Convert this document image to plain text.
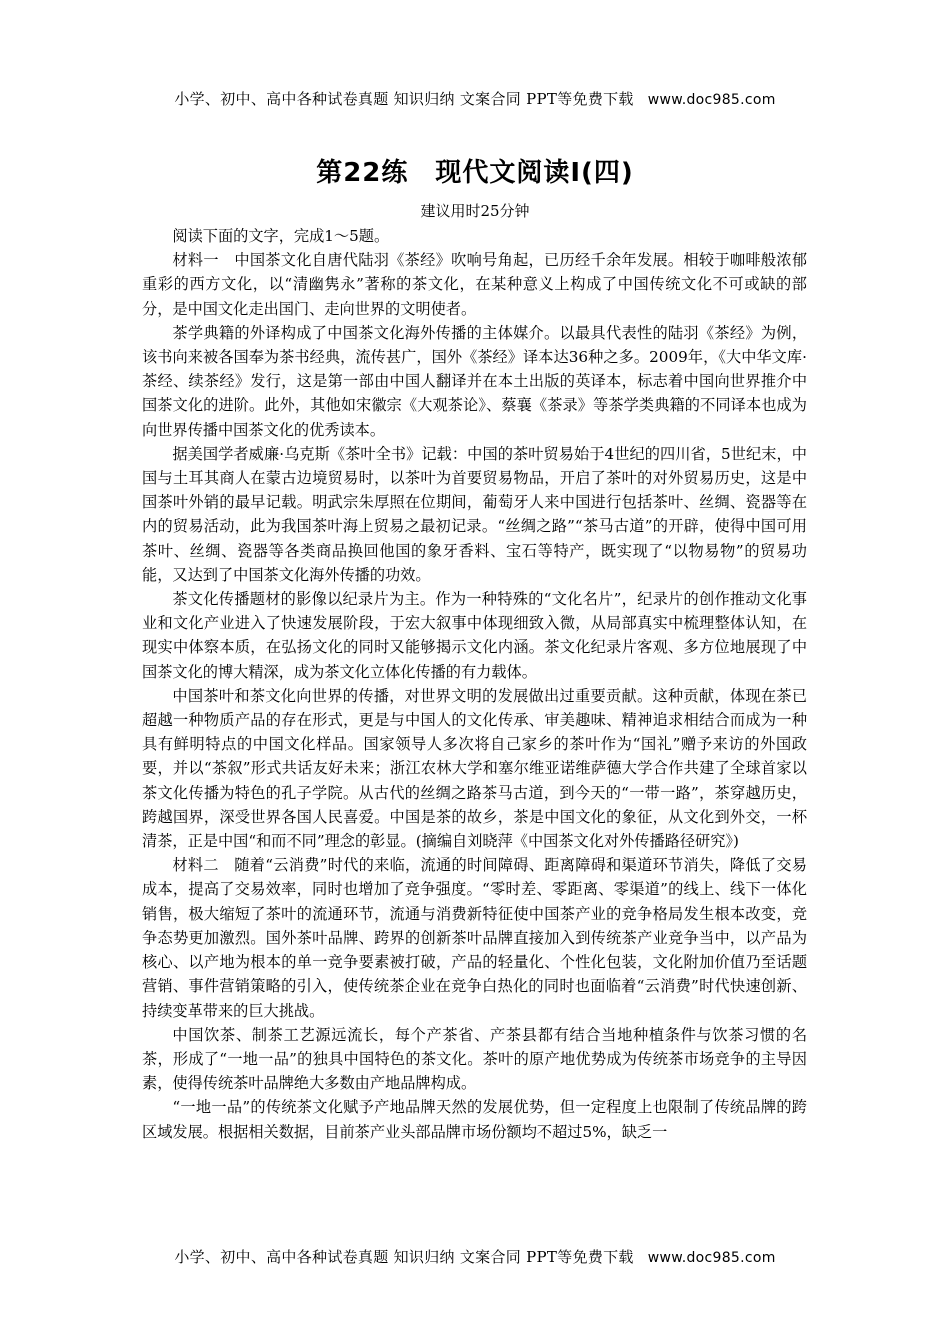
小学、初中、高中各种试卷真题 知识归纳 文案合同 PPT等免费下载 www.doc985.com
第22练　现代文阅读Ⅰ(四)
建议用时25分钟

阅读下面的文字，完成1～5题。

材料一　中国茶文化自唐代陆羽《茶经》吹响号角起，已历经千余年发展。相较于咖啡般浓郁重彩的西方文化，以“清幽隽永”著称的茶文化，在某种意义上构成了中国传统文化不可或缺的部分，是中国文化走出国门、走向世界的文明使者。

茶学典籍的外译构成了中国茶文化海外传播的主体媒介。以最具代表性的陆羽《茶经》为例，该书向来被各国奉为茶书经典，流传甚广，国外《茶经》译本达36种之多。2009年，《大中华文库·茶经、续茶经》发行，这是第一部由中国人翻译并在本土出版的英译本，标志着中国向世界推介中国茶文化的进阶。此外，其他如宋徽宗《大观茶论》、蔡襄《茶录》等茶学类典籍的不同译本也成为向世界传播中国茶文化的优秀读本。

据美国学者威廉·乌克斯《茶叶全书》记载：中国的茶叶贸易始于4世纪的四川省，5世纪末，中国与土耳其商人在蒙古边境贸易时，以茶叶为首要贸易物品，开启了茶叶的对外贸易历史，这是中国茶叶外销的最早记载。明武宗朱厚照在位期间，葡萄牙人来中国进行包括茶叶、丝绸、瓷器等在内的贸易活动，此为我国茶叶海上贸易之最初记录。“丝绸之路”“茶马古道”的开辟，使得中国可用茶叶、丝绸、瓷器等各类商品换回他国的象牙香料、宝石等特产，既实现了“以物易物”的贸易功能，又达到了中国茶文化海外传播的功效。

茶文化传播题材的影像以纪录片为主。作为一种特殊的“文化名片”，纪录片的创作推动文化事业和文化产业进入了快速发展阶段，于宏大叙事中体现细致入微，从局部真实中梳理整体认知，在现实中体察本质，在弘扬文化的同时又能够揭示文化内涵。茶文化纪录片客观、多方位地展现了中国茶文化的博大精深，成为茶文化立体化传播的有力载体。

中国茶叶和茶文化向世界的传播，对世界文明的发展做出过重要贡献。这种贡献，体现在茶已超越一种物质产品的存在形式，更是与中国人的文化传承、审美趣味、精神追求相结合而成为一种具有鲜明特点的中国文化样品。国家领导人多次将自己家乡的茶叶作为“国礼”赠予来访的外国政要，并以“茶叙”形式共话友好未来；浙江农林大学和塞尔维亚诺维萨德大学合作共建了全球首家以茶文化传播为特色的孔子学院。从古代的丝绸之路茶马古道，到今天的“一带一路”，茶穿越历史，跨越国界，深受世界各国人民喜爱。中国是茶的故乡，茶是中国文化的象征，从文化到外交，一杯清茶，正是中国“和而不同”理念的彰显。(摘编自刘晓萍《中国茶文化对外传播路径研究》)

材料二　随着“云消费”时代的来临，流通的时间障碍、距离障碍和渠道环节消失，降低了交易成本，提高了交易效率，同时也增加了竞争强度。“零时差、零距离、零渠道”的线上、线下一体化销售，极大缩短了茶叶的流通环节，流通与消费新特征使中国茶产业的竞争格局发生根本改变，竞争态势更加激烈。国外茶叶品牌、跨界的创新茶叶品牌直接加入到传统茶产业竞争当中，以产品为核心、以产地为根本的单一竞争要素被打破，产品的轻量化、个性化包装，文化附加价值乃至话题营销、事件营销策略的引入，使传统茶企业在竞争白热化的同时也面临着“云消费”时代快速创新、持续变革带来的巨大挑战。

中国饮茶、制茶工艺源远流长，每个产茶省、产茶县都有结合当地种植条件与饮茶习惯的名茶，形成了“一地一品”的独具中国特色的茶文化。茶叶的原产地优势成为传统茶市场竞争的主导因素，使得传统茶叶品牌绝大多数由产地品牌构成。

“一地一品”的传统茶文化赋予产地品牌天然的发展优势，但一定程度上也限制了传统品牌的跨区域发展。根据相关数据，目前茶产业头部品牌市场份额均不超过5%，缺乏一

小学、初中、高中各种试卷真题 知识归纳 文案合同 PPT等免费下载 www.doc985.com
